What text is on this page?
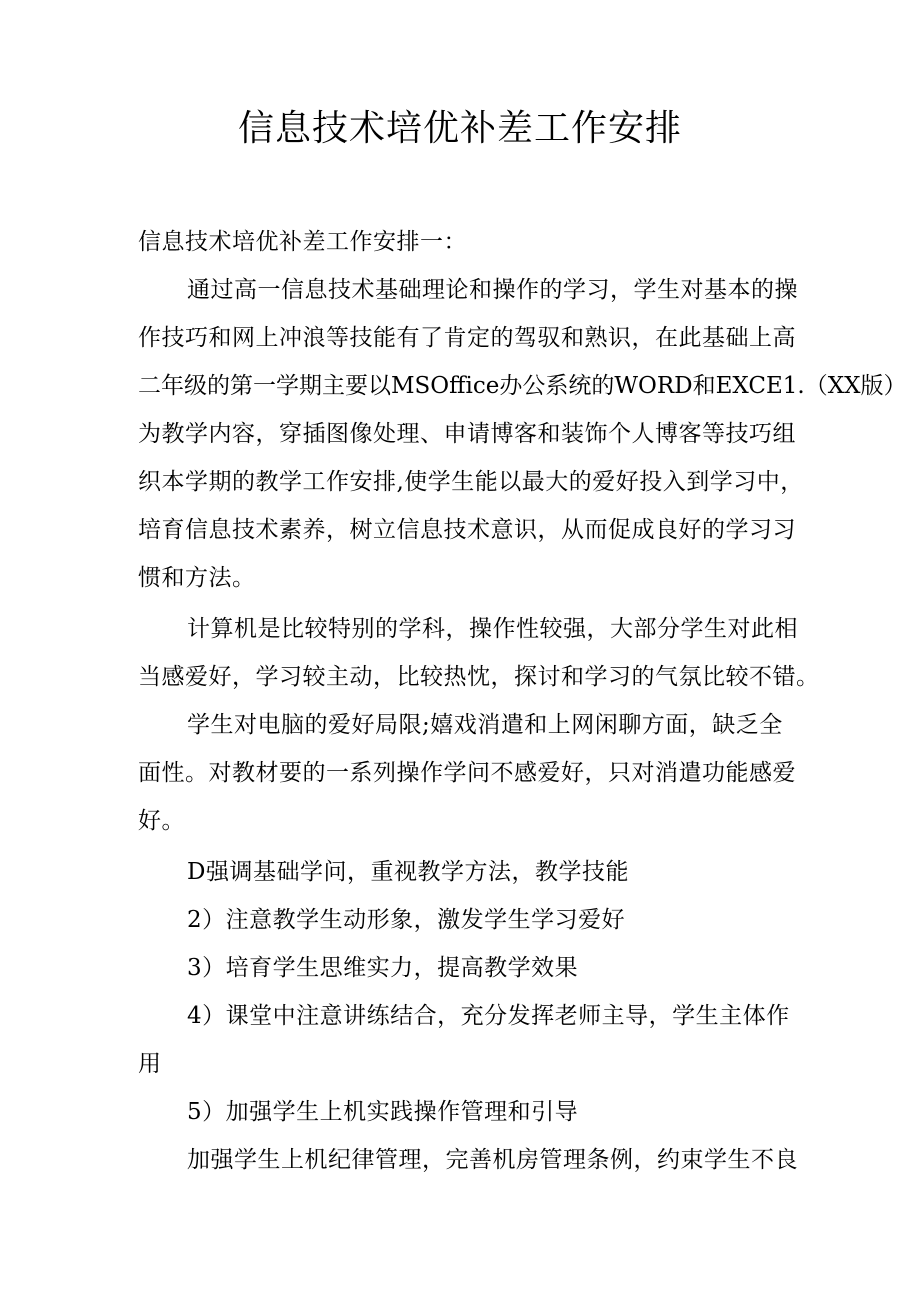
信息技术培优补差工作安排
信息技术培优补差工作安排一：
通过高一信息技术基础理论和操作的学习，学生对基本的操
作技巧和网上冲浪等技能有了肯定的驾驭和熟识，在此基础上高
二年级的第一学期主要以MSOffice办公系统的WORD和EXCE1.（XX版）
为教学内容，穿插图像处理、申请博客和装饰个人博客等技巧组
织本学期的教学工作安排,使学生能以最大的爱好投入到学习中，
培育信息技术素养，树立信息技术意识，从而促成良好的学习习
惯和方法。
计算机是比较特别的学科，操作性较强，大部分学生对此相
当感爱好，学习较主动，比较热忱，探讨和学习的气氛比较不错。
学生对电脑的爱好局限;嬉戏消遣和上网闲聊方面，缺乏全
面性。对教材要的一系列操作学问不感爱好，只对消遣功能感爱
好。
D强调基础学问，重视教学方法，教学技能
2）注意教学生动形象，激发学生学习爱好
3）培育学生思维实力，提高教学效果
4）课堂中注意讲练结合，充分发挥老师主导，学生主体作
用
5）加强学生上机实践操作管理和引导
加强学生上机纪律管理，完善机房管理条例，约束学生不良
